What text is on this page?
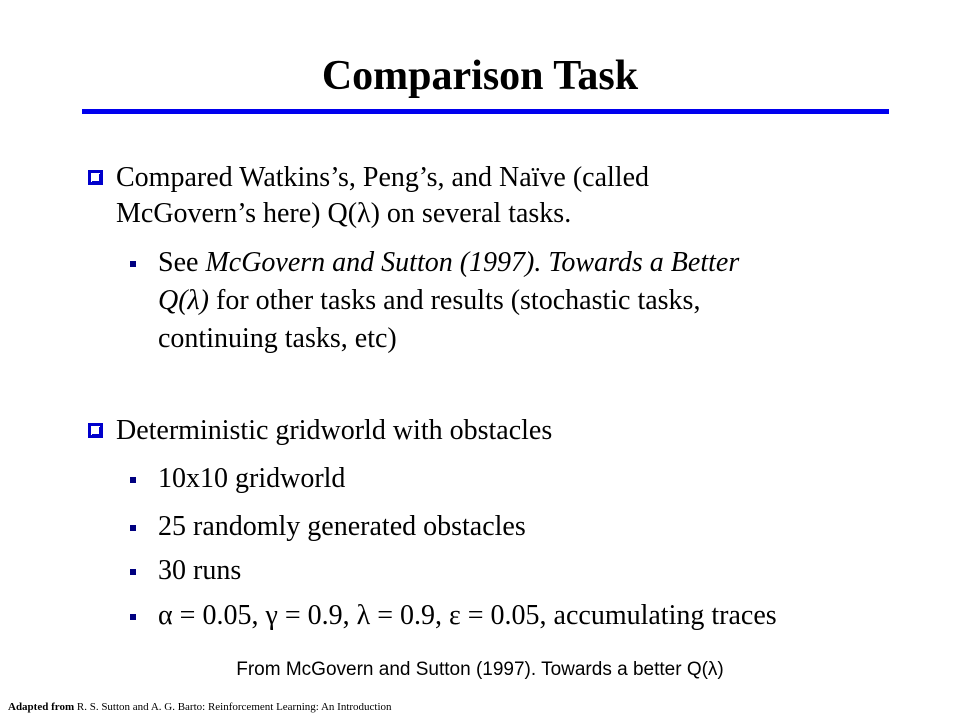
Comparison Task
Compared Watkins’s, Peng’s, and Naïve (called
McGovern’s here) Q(λ) on several tasks.
See McGovern and Sutton (1997). Towards a Better
Q(λ) for other tasks and results (stochastic tasks,
continuing tasks, etc)
Deterministic gridworld with obstacles
10x10 gridworld
25 randomly generated obstacles
30 runs
α = 0.05, γ = 0.9, λ = 0.9, ε = 0.05, accumulating traces
From McGovern and Sutton (1997). Towards a better Q(λ)
Adapted from R. S. Sutton and A. G. Barto: Reinforcement Learning: An Introduction
